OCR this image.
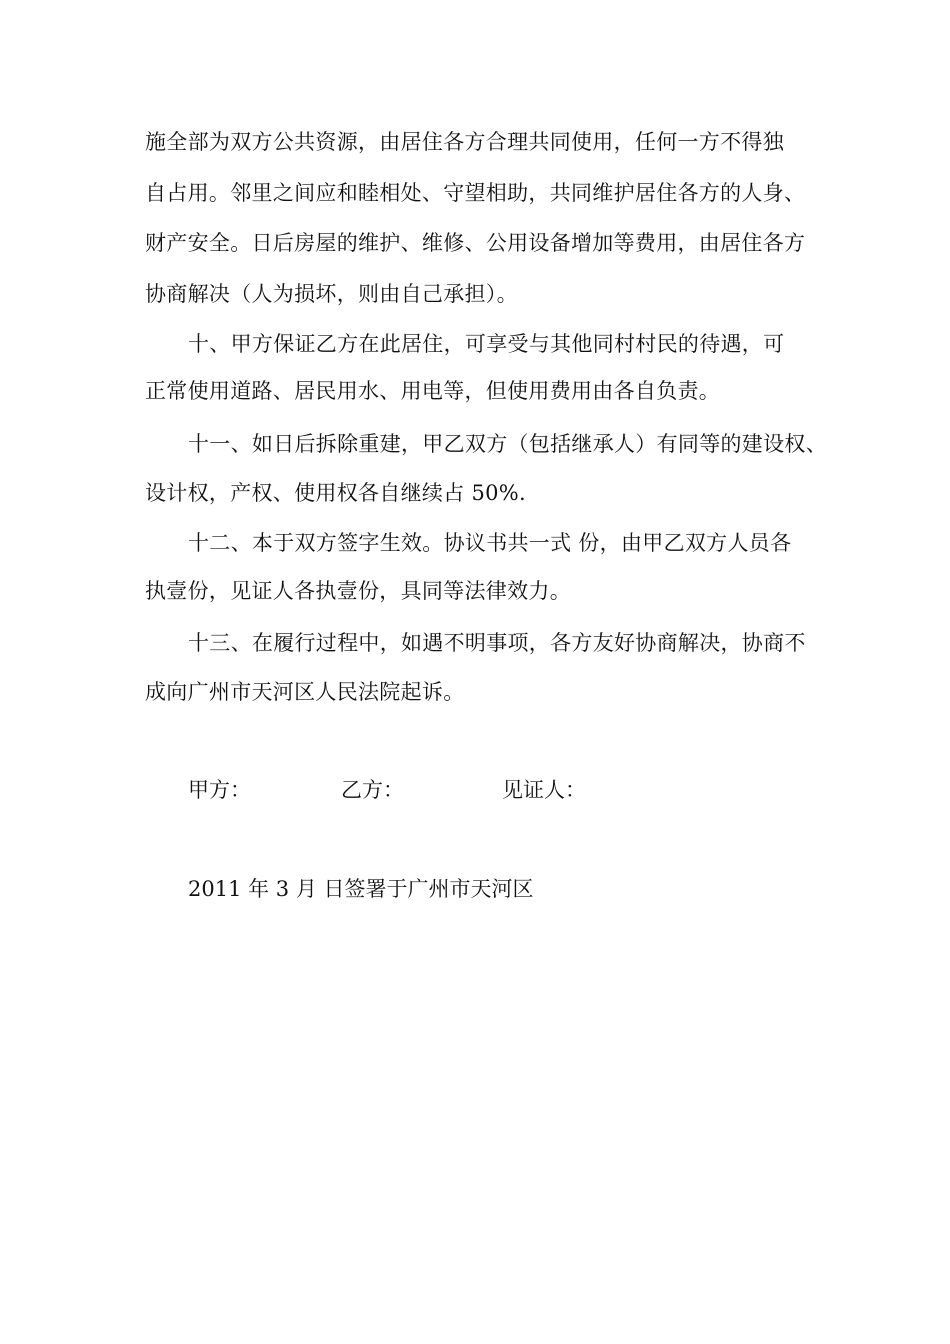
施全部为双方公共资源，由居住各方合理共同使用，任何一方不得独
自占用。邻里之间应和睦相处、守望相助，共同维护居住各方的人身、
财产安全。日后房屋的维护、维修、公用设备增加等费用，由居住各方
协商解决（人为损坏，则由自己承担）。
十、甲方保证乙方在此居住，可享受与其他同村村民的待遇，可
正常使用道路、居民用水、用电等，但使用费用由各自负责。
十一、如日后拆除重建，甲乙双方（包括继承人）有同等的建设权、
设计权，产权、使用权各自继续占 50%.
十二、本于双方签字生效。协议书共一式 份，由甲乙双方人员各
执壹份，见证人各执壹份，具同等法律效力。
十三、在履行过程中，如遇不明事项，各方友好协商解决，协商不
成向广州市天河区人民法院起诉。
甲方：	乙方：	见证人：
2011 年 3 月 日签署于广州市天河区
